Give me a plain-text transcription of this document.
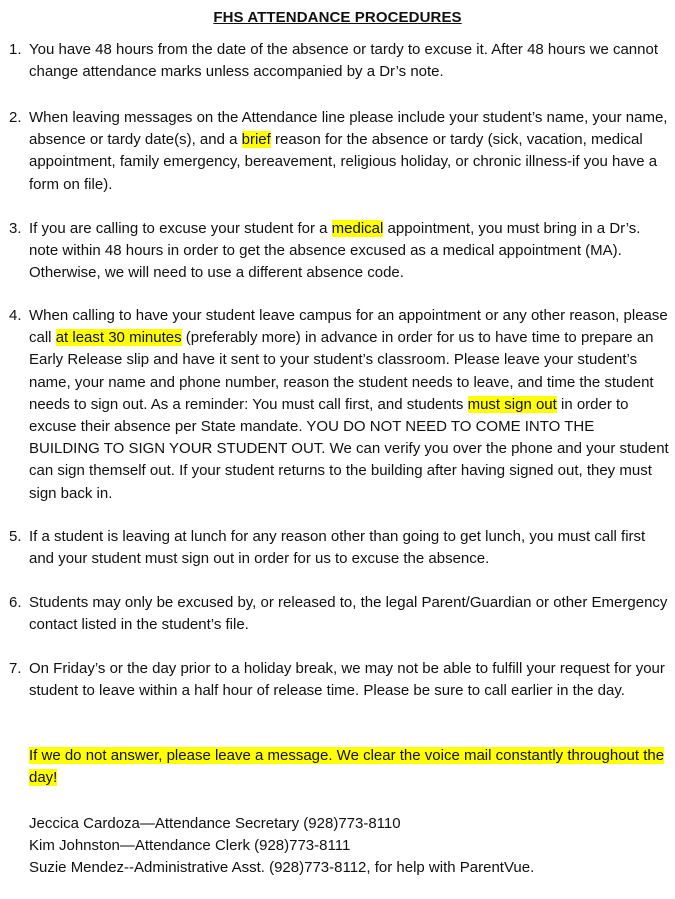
FHS ATTENDANCE PROCEDURES
1. You have 48 hours from the date of the absence or tardy to excuse it. After 48 hours we cannot change attendance marks unless accompanied by a Dr’s note.
2. When leaving messages on the Attendance line please include your student’s name, your name, absence or tardy date(s), and a brief reason for the absence or tardy (sick, vacation, medical appointment, family emergency, bereavement, religious holiday, or chronic illness-if you have a form on file).
3. If you are calling to excuse your student for a medical appointment, you must bring in a Dr’s. note within 48 hours in order to get the absence excused as a medical appointment (MA). Otherwise, we will need to use a different absence code.
4. When calling to have your student leave campus for an appointment or any other reason, please call at least 30 minutes (preferably more) in advance in order for us to have time to prepare an Early Release slip and have it sent to your student’s classroom. Please leave your student’s name, your name and phone number, reason the student needs to leave, and time the student needs to sign out. As a reminder: You must call first, and students must sign out in order to excuse their absence per State mandate. YOU DO NOT NEED TO COME INTO THE BUILDING TO SIGN YOUR STUDENT OUT. We can verify you over the phone and your student can sign themself out. If your student returns to the building after having signed out, they must sign back in.
5. If a student is leaving at lunch for any reason other than going to get lunch, you must call first and your student must sign out in order for us to excuse the absence.
6. Students may only be excused by, or released to, the legal Parent/Guardian or other Emergency contact listed in the student’s file.
7. On Friday’s or the day prior to a holiday break, we may not be able to fulfill your request for your student to leave within a half hour of release time. Please be sure to call earlier in the day.
If we do not answer, please leave a message. We clear the voice mail constantly throughout the day!
Jeccica Cardoza—Attendance Secretary (928)773-8110
Kim Johnston—Attendance Clerk (928)773-8111
Suzie Mendez--Administrative Asst. (928)773-8112, for help with ParentVue.
